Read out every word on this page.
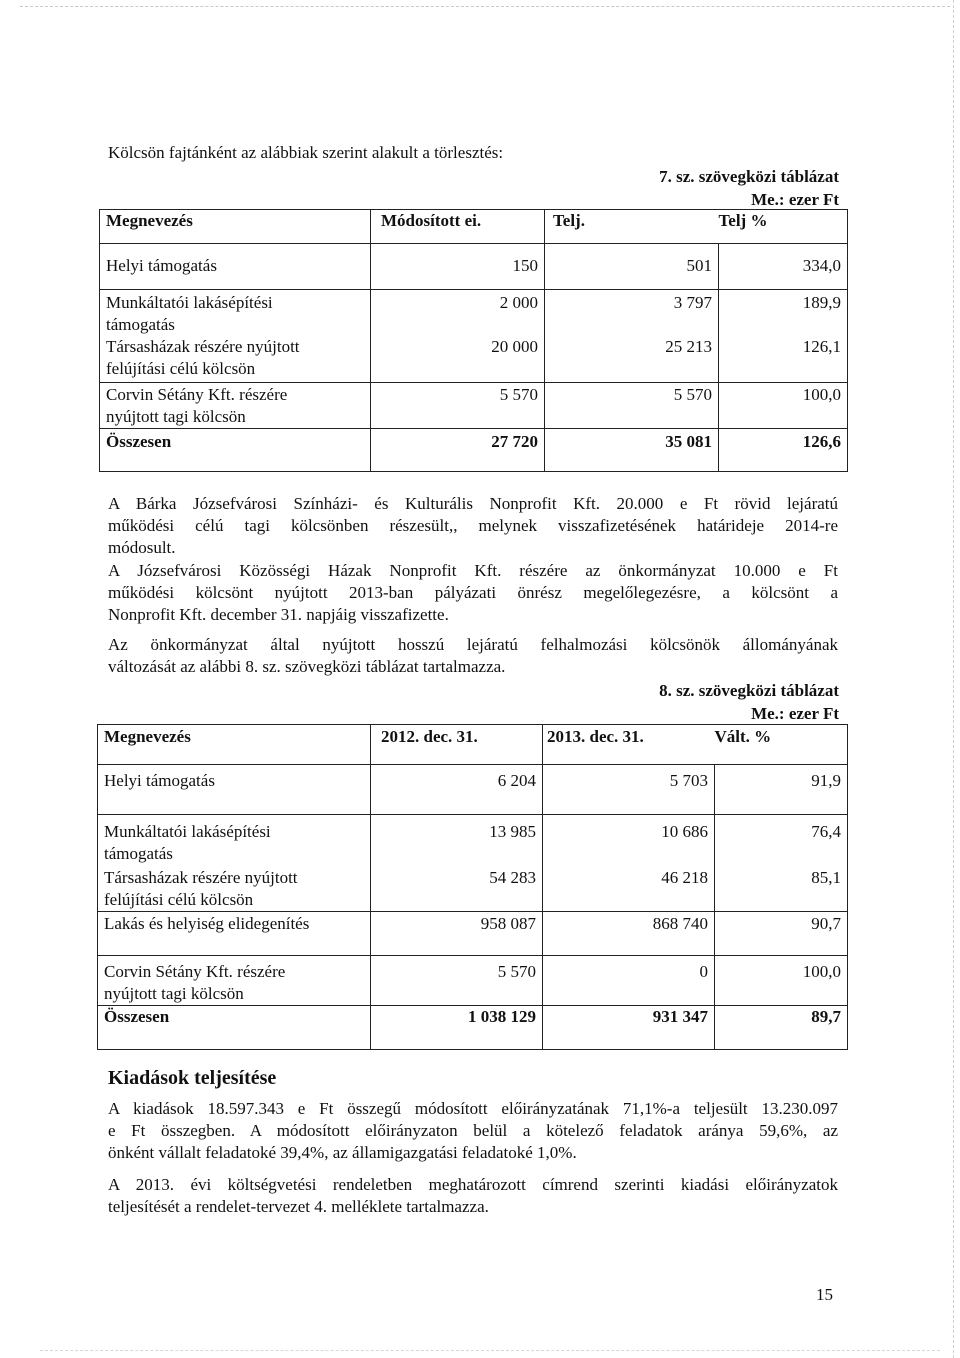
Kölcsön fajtánként az alábbiak szerint alakult a törlesztés:
7. sz. szövegközi táblázat
Me.: ezer Ft
Megnevezés	Módosított ei.	Telj.	Telj %
Helyi támogatás	150	501	334,0
Munkáltatói lakásépítési
támogatás	2 000	3 797	189,9
Társasházak részére nyújtott
felújítási célú kölcsön	20 000	25 213	126,1
Corvin Sétány Kft. részére
nyújtott tagi kölcsön	5 570	5 570	100,0
Összesen	27 720	35 081	126,6
A Bárka Józsefvárosi Színházi- és Kulturális Nonprofit Kft. 20.000 e Ft rövid lejáratú
működési célú tagi kölcsönben részesült,, melynek visszafizetésének határideje 2014-re
módosult.
A Józsefvárosi Közösségi Házak Nonprofit Kft. részére az önkormányzat 10.000 e Ft
működési kölcsönt nyújtott 2013-ban pályázati önrész megelőlegezésre, a kölcsönt a
Nonprofit Kft. december 31. napjáig visszafizette.
Az önkormányzat által nyújtott hosszú lejáratú felhalmozási kölcsönök állományának
változását az alábbi 8. sz. szövegközi táblázat tartalmazza.
8. sz. szövegközi táblázat
Me.: ezer Ft
Megnevezés	2012. dec. 31.	2013. dec. 31.	Vált. %
Helyi támogatás	6 204	5 703	91,9
Munkáltatói lakásépítési
támogatás	13 985	10 686	76,4
Társasházak részére nyújtott
felújítási célú kölcsön	54 283	46 218	85,1
Lakás és helyiség elidegenítés	958 087	868 740	90,7
Corvin Sétány Kft. részére
nyújtott tagi kölcsön	5 570	0	100,0
Összesen	1 038 129	931 347	89,7
Kiadások teljesítése
A kiadások 18.597.343 e Ft összegű módosított előirányzatának 71,1%-a teljesült 13.230.097
e Ft összegben. A módosított előirányzaton belül a kötelező feladatok aránya 59,6%, az
önként vállalt feladatoké 39,4%, az államigazgatási feladatoké 1,0%.
A 2013. évi költségvetési rendeletben meghatározott címrend szerinti kiadási előirányzatok
teljesítését a rendelet-tervezet 4. melléklete tartalmazza.
15
